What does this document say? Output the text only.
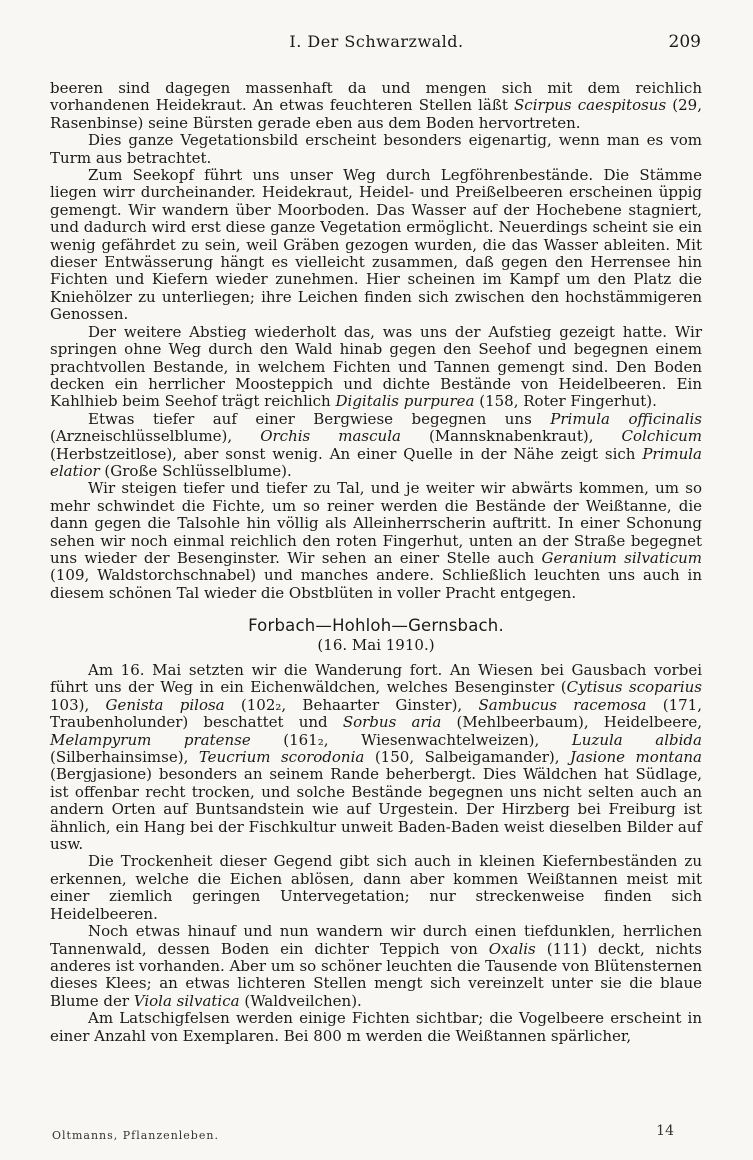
I. Der Schwarzwald.	209

beeren sind dagegen massenhaft da und mengen sich mit dem reichlich vorhandenen Heidekraut. An etwas feuchteren Stellen läßt Scirpus caespitosus (29, Rasenbinse) seine Bürsten gerade eben aus dem Boden hervortreten.

Dies ganze Vegetationsbild erscheint besonders eigenartig, wenn man es vom Turm aus betrachtet.

Zum Seekopf führt uns unser Weg durch Legföhrenbestände. Die Stämme liegen wirr durcheinander. Heidekraut, Heidel- und Preißelbeeren erscheinen üppig gemengt. Wir wandern über Moorboden. Das Wasser auf der Hochebene stagniert, und dadurch wird erst diese ganze Vegetation ermöglicht. Neuerdings scheint sie ein wenig gefährdet zu sein, weil Gräben gezogen wurden, die das Wasser ableiten. Mit dieser Entwässerung hängt es vielleicht zusammen, daß gegen den Herrensee hin Fichten und Kiefern wieder zunehmen. Hier scheinen im Kampf um den Platz die Kniehölzer zu unterliegen; ihre Leichen finden sich zwischen den hochstämmigeren Genossen.

Der weitere Abstieg wiederholt das, was uns der Aufstieg gezeigt hatte. Wir springen ohne Weg durch den Wald hinab gegen den Seehof und begegnen einem prachtvollen Bestande, in welchem Fichten und Tannen gemengt sind. Den Boden decken ein herrlicher Moosteppich und dichte Bestände von Heidelbeeren. Ein Kahlhieb beim Seehof trägt reichlich Digitalis purpurea (158, Roter Fingerhut).

Etwas tiefer auf einer Bergwiese begegnen uns Primula officinalis (Arzneischlüsselblume), Orchis mascula (Mannsknabenkraut), Colchicum (Herbstzeitlose), aber sonst wenig. An einer Quelle in der Nähe zeigt sich Primula elatior (Große Schlüsselblume).

Wir steigen tiefer und tiefer zu Tal, und je weiter wir abwärts kommen, um so mehr schwindet die Fichte, um so reiner werden die Bestände der Weißtanne, die dann gegen die Talsohle hin völlig als Alleinherrscherin auftritt. In einer Schonung sehen wir noch einmal reichlich den roten Fingerhut, unten an der Straße begegnet uns wieder der Besenginster. Wir sehen an einer Stelle auch Geranium silvaticum (109, Waldstorchschnabel) und manches andere. Schließlich leuchten uns auch in diesem schönen Tal wieder die Obstblüten in voller Pracht entgegen.

Forbach—Hohloh—Gernsbach.
(16. Mai 1910.)

Am 16. Mai setzten wir die Wanderung fort. An Wiesen bei Gausbach vorbei führt uns der Weg in ein Eichenwäldchen, welches Besenginster (Cytisus scoparius 103), Genista pilosa (102₂, Behaarter Ginster), Sambucus racemosa (171, Traubenholunder) beschattet und Sorbus aria (Mehlbeerbaum), Heidelbeere, Melampyrum pratense (161₂, Wiesenwachtelweizen), Luzula albida (Silberhainsimse), Teucrium scorodonia (150, Salbeigamander), Jasione montana (Bergjasione) besonders an seinem Rande beherbergt. Dies Wäldchen hat Südlage, ist offenbar recht trocken, und solche Bestände begegnen uns nicht selten auch an andern Orten auf Buntsandstein wie auf Urgestein. Der Hirzberg bei Freiburg ist ähnlich, ein Hang bei der Fischkultur unweit Baden-Baden weist dieselben Bilder auf usw.

Die Trockenheit dieser Gegend gibt sich auch in kleinen Kiefernbeständen zu erkennen, welche die Eichen ablösen, dann aber kommen Weißtannen meist mit einer ziemlich geringen Untervegetation; nur streckenweise finden sich Heidelbeeren.

Noch etwas hinauf und nun wandern wir durch einen tiefdunklen, herrlichen Tannenwald, dessen Boden ein dichter Teppich von Oxalis (111) deckt, nichts anderes ist vorhanden. Aber um so schöner leuchten die Tausende von Blütensternen dieses Klees; an etwas lichteren Stellen mengt sich vereinzelt unter sie die blaue Blume der Viola silvatica (Waldveilchen).

Am Latschigfelsen werden einige Fichten sichtbar; die Vogelbeere erscheint in einer Anzahl von Exemplaren. Bei 800 m werden die Weißtannen spärlicher,

Oltmanns, Pflanzenleben.	14
